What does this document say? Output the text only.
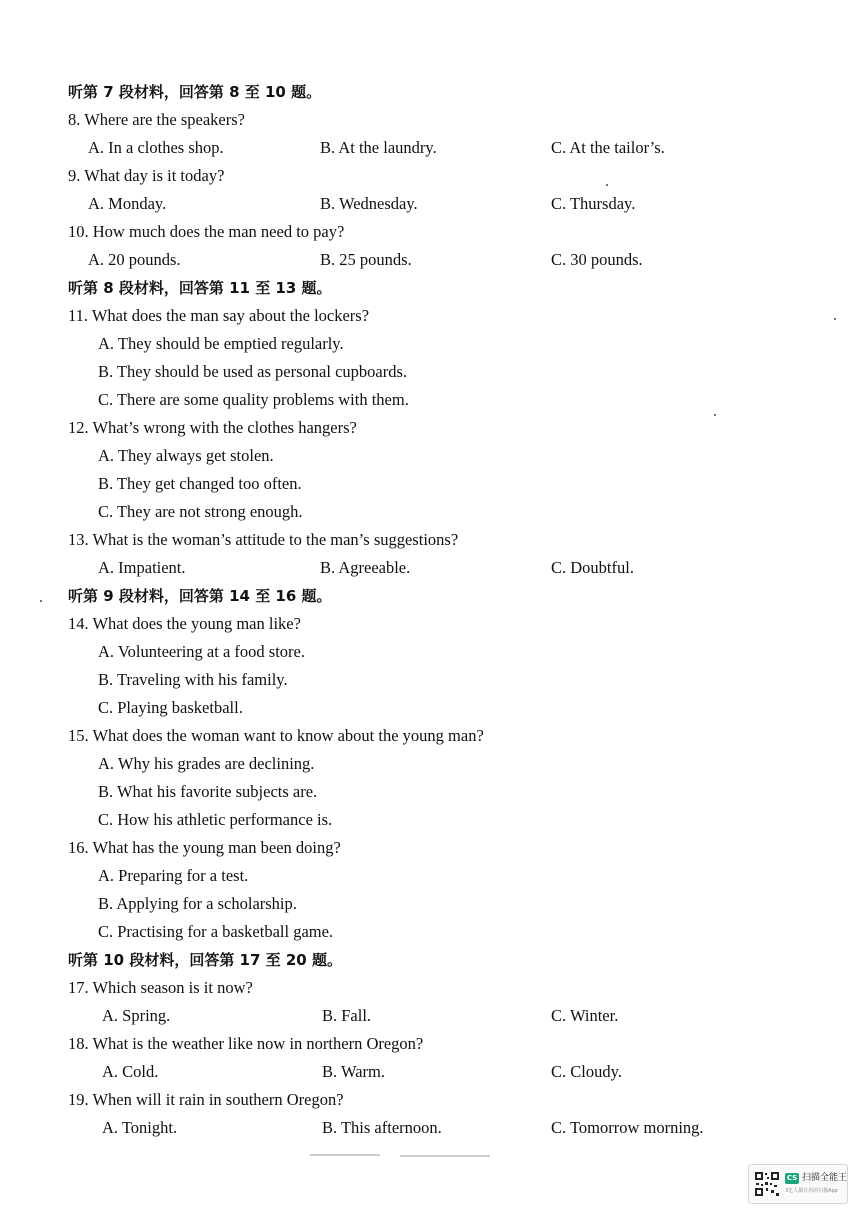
听第 7 段材料，回答第 8 至 10 题。
8. Where are the speakers?
A. In a clothes shop.	B. At the laundry.	C. At the tailor’s.
9. What day is it today?
A. Monday.	B. Wednesday.	C. Thursday.
10. How much does the man need to pay?
A. 20 pounds.	B. 25 pounds.	C. 30 pounds.
听第 8 段材料，回答第 11 至 13 题。
11. What does the man say about the lockers?
A. They should be emptied regularly.
B. They should be used as personal cupboards.
C. There are some quality problems with them.
12. What’s wrong with the clothes hangers?
A. They always get stolen.
B. They get changed too often.
C. They are not strong enough.
13. What is the woman’s attitude to the man’s suggestions?
A. Impatient.	B. Agreeable.	C. Doubtful.
听第 9 段材料，回答第 14 至 16 题。
14. What does the young man like?
A. Volunteering at a food store.
B. Traveling with his family.
C. Playing basketball.
15. What does the woman want to know about the young man?
A. Why his grades are declining.
B. What his favorite subjects are.
C. How his athletic performance is.
16. What has the young man been doing?
A. Preparing for a test.
B. Applying for a scholarship.
C. Practising for a basketball game.
听第 10 段材料，回答第 17 至 20 题。
17. Which season is it now?
A. Spring.	B. Fall.	C. Winter.
18. What is the weather like now in northern Oregon?
A. Cold.	B. Warm.	C. Cloudy.
19. When will it rain in southern Oregon?
A. Tonight.	B. This afternoon.	C. Tomorrow morning.
CS 扫描全能王
3亿人都在用的扫描App
